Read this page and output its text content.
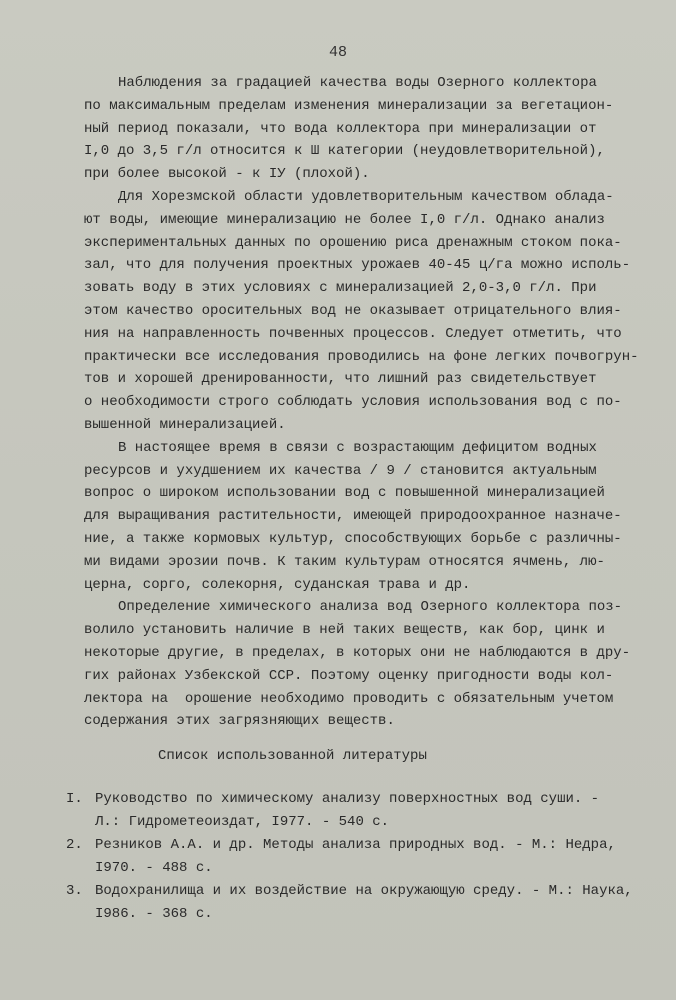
48
Наблюдения за градацией качества воды Озерного коллектора
по максимальным пределам изменения минерализации за вегетацион-
ный период показали, что вода коллектора при минерализации от
I,0 до 3,5 г/л относится к Ш категории (неудовлетворительной),
при более высокой - к IУ (плохой).
Для Хорезмской области удовлетворительным качеством облада-
ют воды, имеющие минерализацию не более I,0 г/л. Однако анализ
экспериментальных данных по орошению риса дренажным стоком пока-
зал, что для получения проектных урожаев 40-45 ц/га можно исполь-
зовать воду в этих условиях с минерализацией 2,0-3,0 г/л. При
этом качество оросительных вод не оказывает отрицательного влия-
ния на направленность почвенных процессов. Следует отметить, что
практически все исследования проводились на фоне легких почвогрун-
тов и хорошей дренированности, что лишний раз свидетельствует
о необходимости строго соблюдать условия использования вод с по-
вышенной минерализацией.
В настоящее время в связи с возрастающим дефицитом водных
ресурсов и ухудшением их качества / 9 / становится актуальным
вопрос о широком использовании вод с повышенной минерализацией
для выращивания растительности, имеющей природоохранное назначе-
ние, а также кормовых культур, способствующих борьбе с различны-
ми видами эрозии почв. К таким культурам относятся ячмень, лю-
церна, сорго, солекорня, суданская трава и др.
Определение химического анализа вод Озерного коллектора поз-
волило установить наличие в ней таких веществ, как бор, цинк и
некоторые другие, в пределах, в которых они не наблюдаются в дру-
гих районах Узбекской ССР. Поэтому оценку пригодности воды кол-
лектора на  орошение необходимо проводить с обязательным учетом
содержания этих загрязняющих веществ.
Список использованной литературы
I. Руководство по химическому анализу поверхностных вод суши. -
Л.: Гидрометеоиздат, I977. - 540 с.
2. Резников А.А. и др. Методы анализа природных вод. - М.: Недра,
I970. - 488 с.
3. Водохранилища и их воздействие на окружающую среду. - М.: Наука,
I986. - 368 с.
